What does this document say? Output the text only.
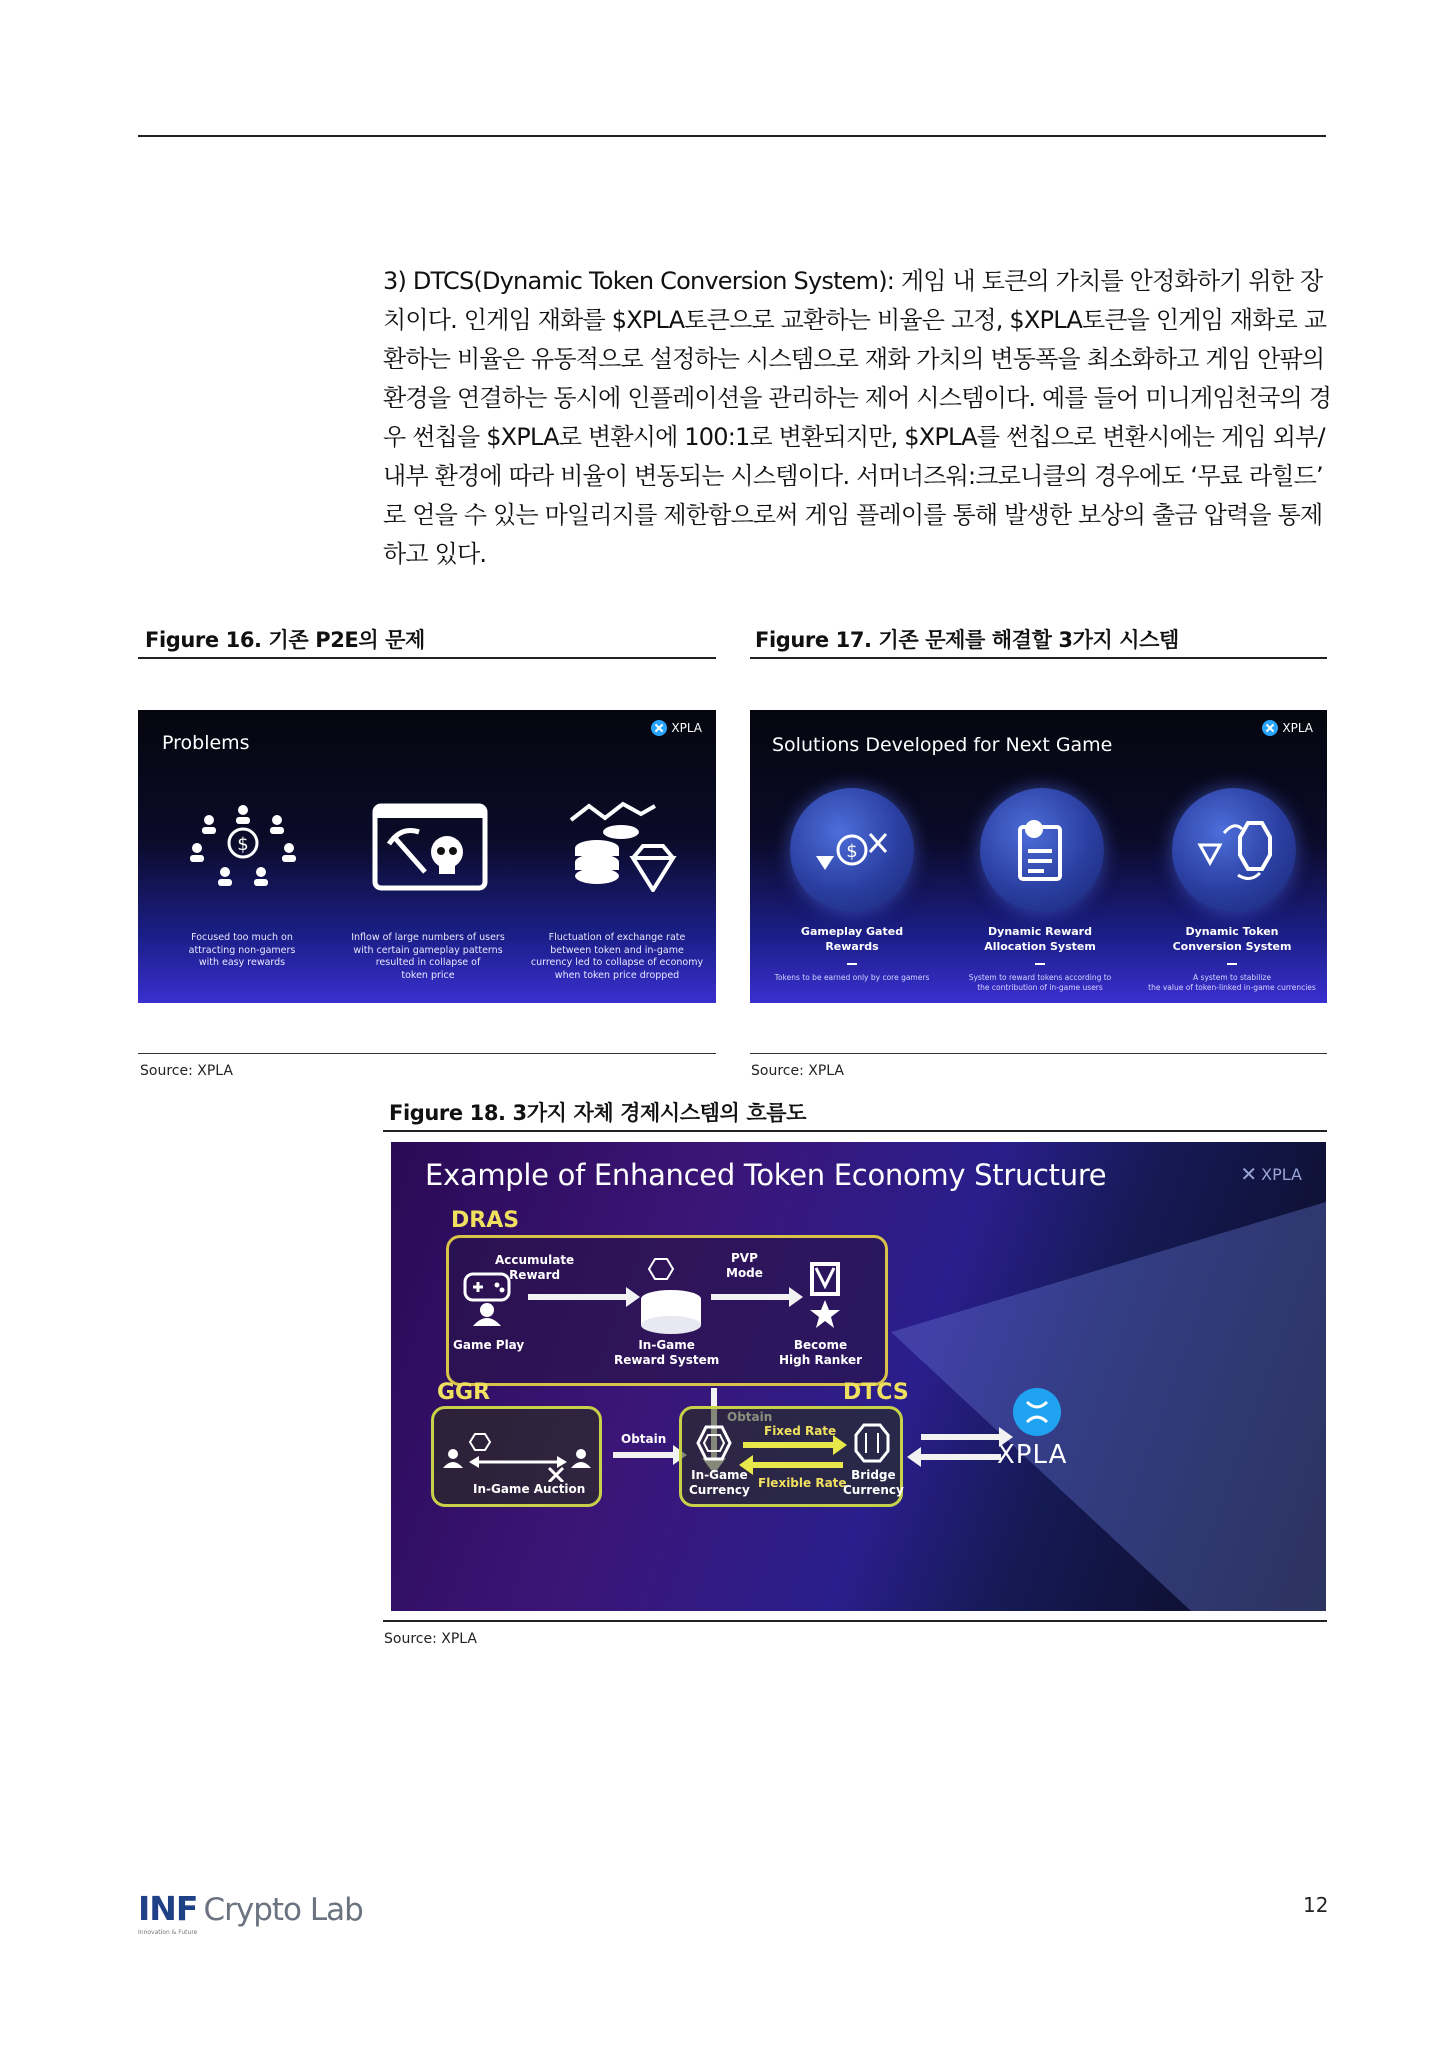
3) DTCS(Dynamic Token Conversion System): 게임 내 토큰의 가치를 안정화하기 위한 장
치이다. 인게임 재화를 $XPLA토큰으로 교환하는 비율은 고정, $XPLA토큰을 인게임 재화로 교
환하는 비율은 유동적으로 설정하는 시스템으로 재화 가치의 변동폭을 최소화하고 게임 안팎의
환경을 연결하는 동시에 인플레이션을 관리하는 제어 시스템이다. 예를 들어 미니게임천국의 경
우 썬칩을 $XPLA로 변환시에 100:1로 변환되지만, $XPLA를 썬칩으로 변환시에는 게임 외부/
내부 환경에 따라 비율이 변동되는 시스템이다. 서머너즈워:크로니클의 경우에도 ‘무료 라힐드’
로 얻을 수 있는 마일리지를 제한함으로써 게임 플레이를 통해 발생한 보상의 출금 압력을 통제
하고 있다.
Figure 16. 기존 P2E의 문제
Problems
XPLA
$
Focused too much on
attracting non-gamers
with easy rewards
Inflow of large numbers of users
with certain gameplay patterns
resulted in collapse of
token price
Fluctuation of exchange rate
between token and in-game
currency led to collapse of economy
when token price dropped
Source: XPLA
Figure 17. 기존 문제를 해결할 3가지 시스템
Solutions Developed for Next Game
XPLA
$
Gameplay Gated
Rewards
Dynamic Reward
Allocation System
Dynamic Token
Conversion System
Tokens to be earned only by core gamers	System to reward tokens according to
the contribution of in-game users
A system to stabilize
the value of token-linked in-game currencies
Source: XPLA
Figure 18. 3가지 자체 경제시스템의 흐름도
Example of Enhanced Token Economy Structure	✕ XPLA
DRAS
Accumulate
Reward
PVP
Mode
Game Play	In-Game
Reward System
Become
High Ranker
GGR
In-Game Auction
Obtain
DTCS
In-Game
Currency
Fixed Rate
Flexible Rate
Bridge
Currency
XPLA
Source: XPLA
INF Crypto Lab
Innovation & Future
12
